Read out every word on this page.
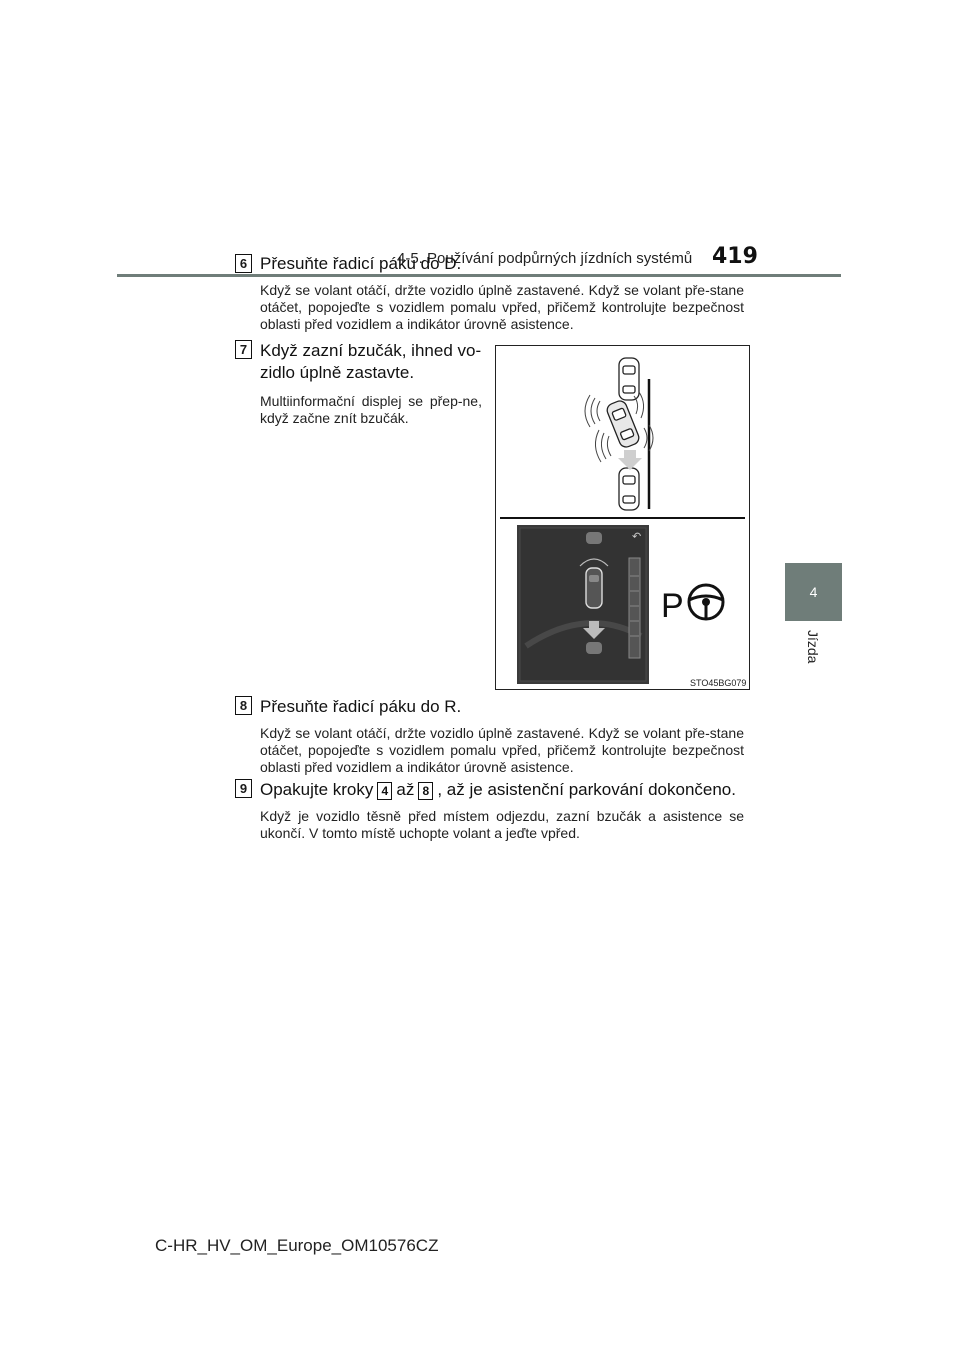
4-5. Používání podpůrných jízdních systémů 419
4
Jízda
6 Přesuňte řadicí páku do D.
Když se volant otáčí, držte vozidlo úplně zastavené. Když se volant pře-stane otáčet, popojeďte s vozidlem pomalu vpřed, přičemž kontrolujte bezpečnost oblasti před vozidlem a indikátor úrovně asistence.
7 Když zazní bzučák, ihned vo-
zidlo úplně zastavte.
Multiinformační displej se přep-ne, když začne znít bzučák.
↶
P
STO45BG079
8 Přesuňte řadicí páku do R.
Když se volant otáčí, držte vozidlo úplně zastavené. Když se volant pře-stane otáčet, popojeďte s vozidlem pomalu vpřed, přičemž kontrolujte bezpečnost oblasti před vozidlem a indikátor úrovně asistence.
9 Opakujte kroky 4 až 8 , až je asistenční parkování dokončeno.
Když je vozidlo těsně před místem odjezdu, zazní bzučák a asistence se ukončí. V tomto místě uchopte volant a jeďte vpřed.
C-HR_HV_OM_Europe_OM10576CZ
